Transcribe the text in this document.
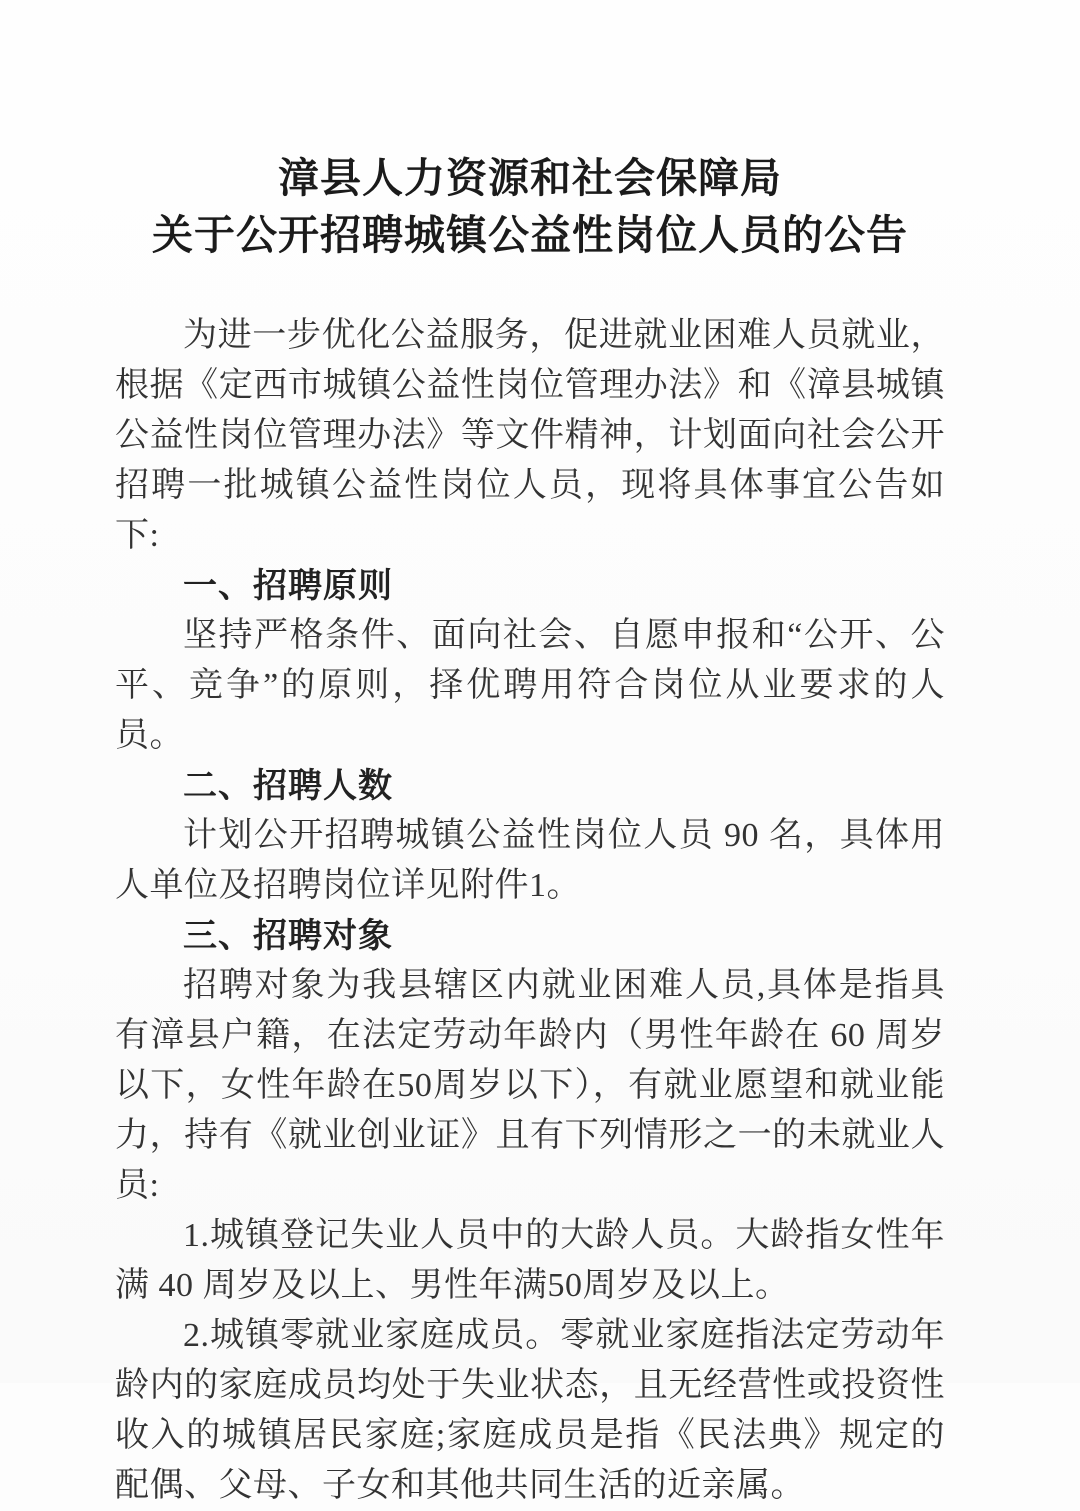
漳县人力资源和社会保障局
关于公开招聘城镇公益性岗位人员的公告

为进一步优化公益服务，促进就业困难人员就业，根据《定西市城镇公益性岗位管理办法》和《漳县城镇公益性岗位管理办法》等文件精神，计划面向社会公开招聘一批城镇公益性岗位人员，现将具体事宜公告如下:

一、招聘原则

坚持严格条件、面向社会、自愿申报和“公开、公平、竞争”的原则，择优聘用符合岗位从业要求的人员。

二、招聘人数

计划公开招聘城镇公益性岗位人员 90 名，具体用人单位及招聘岗位详见附件1。

三、招聘对象

招聘对象为我县辖区内就业困难人员,具体是指具有漳县户籍，在法定劳动年龄内（男性年龄在 60 周岁以下，女性年龄在50周岁以下），有就业愿望和就业能力，持有《就业创业证》且有下列情形之一的未就业人员:

1.城镇登记失业人员中的大龄人员。大龄指女性年满 40 周岁及以上、男性年满50周岁及以上。

2.城镇零就业家庭成员。零就业家庭指法定劳动年龄内的家庭成员均处于失业状态，且无经营性或投资性收入的城镇居民家庭;家庭成员是指《民法典》规定的配偶、父母、子女和其他共同生活的近亲属。
